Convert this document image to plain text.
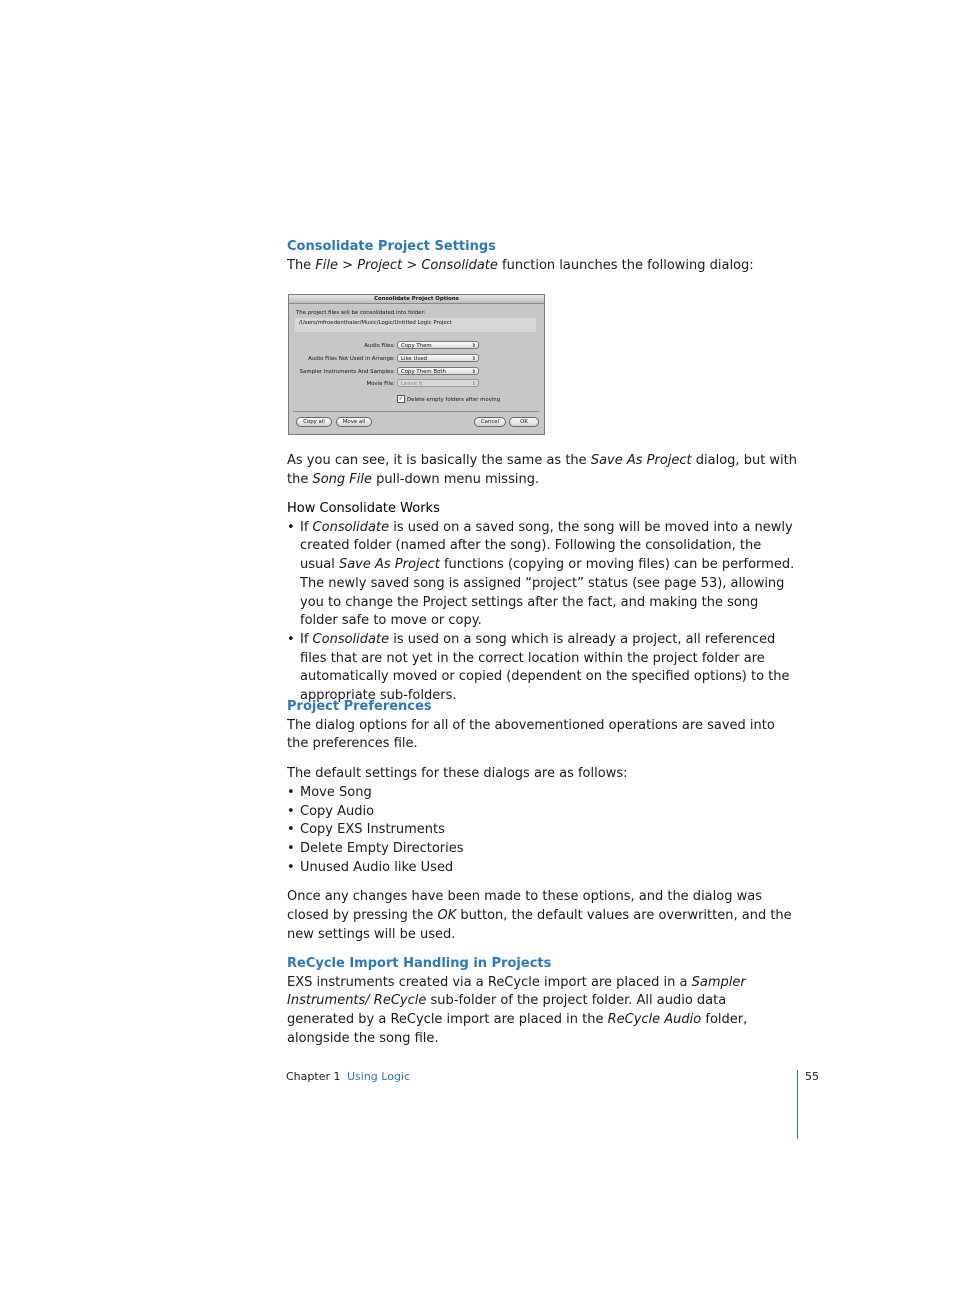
Consolidate Project Settings

The File > Project > Consolidate function launches the following dialog:

Consolidate Project Options
The project files will be consolidated into folder:
/Users/mfroedenthaler/Music/Logic/Untitled Logic Project
Audio Files:	Copy Them	⇕
Audio Files Not Used in Arrange:	Like Used	⇕
Sampler Instruments And Samples:	Copy Them Both	⇕
Movie File:	Leave It	⇕
✓ Delete empty folders after moving
Copy all	Move all	Cancel	OK

As you can see, it is basically the same as the Save As Project dialog, but with the Song File pull-down menu missing.

How Consolidate Works

• If Consolidate is used on a saved song, the song will be moved into a newly created folder (named after the song). Following the consolidation, the usual Save As Project functions (copying or moving files) can be performed.
The newly saved song is assigned “project” status (see page 53), allowing you to change the Project settings after the fact, and making the song folder safe to move or copy.
• If Consolidate is used on a song which is already a project, all referenced files that are not yet in the correct location within the project folder are automatically moved or copied (dependent on the specified options) to the appropriate sub-folders.

Project Preferences

The dialog options for all of the abovementioned operations are saved into the preferences file.

The default settings for these dialogs are as follows:

• Move Song
• Copy Audio
• Copy EXS Instruments
• Delete Empty Directories
• Unused Audio like Used

Once any changes have been made to these options, and the dialog was closed by pressing the OK button, the default values are overwritten, and the new settings will be used.

ReCycle Import Handling in Projects

EXS instruments created via a ReCycle import are placed in a Sampler Instruments/ ReCycle sub-folder of the project folder. All audio data generated by a ReCycle import are placed in the ReCycle Audio folder, alongside the song file.

Chapter 1 Using Logic	55
